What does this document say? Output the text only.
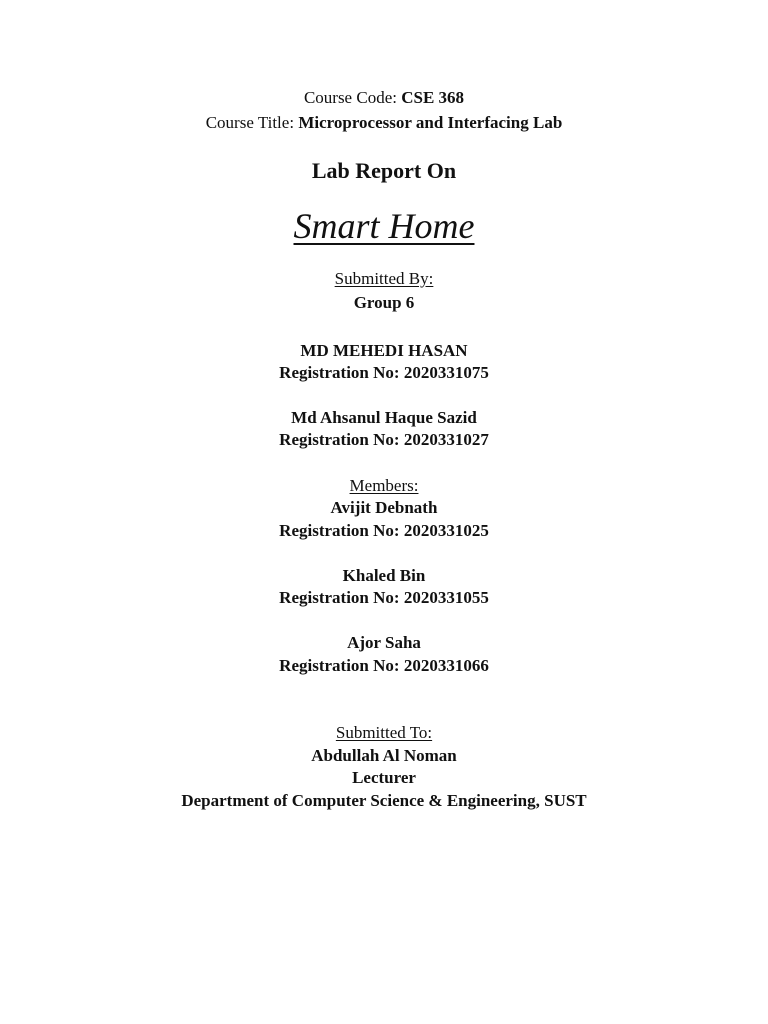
Course Code: CSE 368
Course Title: Microprocessor and Interfacing Lab
Lab Report On
Smart Home
Submitted By:
Group 6
MD MEHEDI HASAN
Registration No: 2020331075
Md Ahsanul Haque Sazid
Registration No: 2020331027
Members:
Avijit Debnath
Registration No: 2020331025
Khaled Bin
Registration No: 2020331055
Ajor Saha
Registration No: 2020331066
Submitted To:
Abdullah Al Noman
Lecturer
Department of Computer Science & Engineering, SUST
